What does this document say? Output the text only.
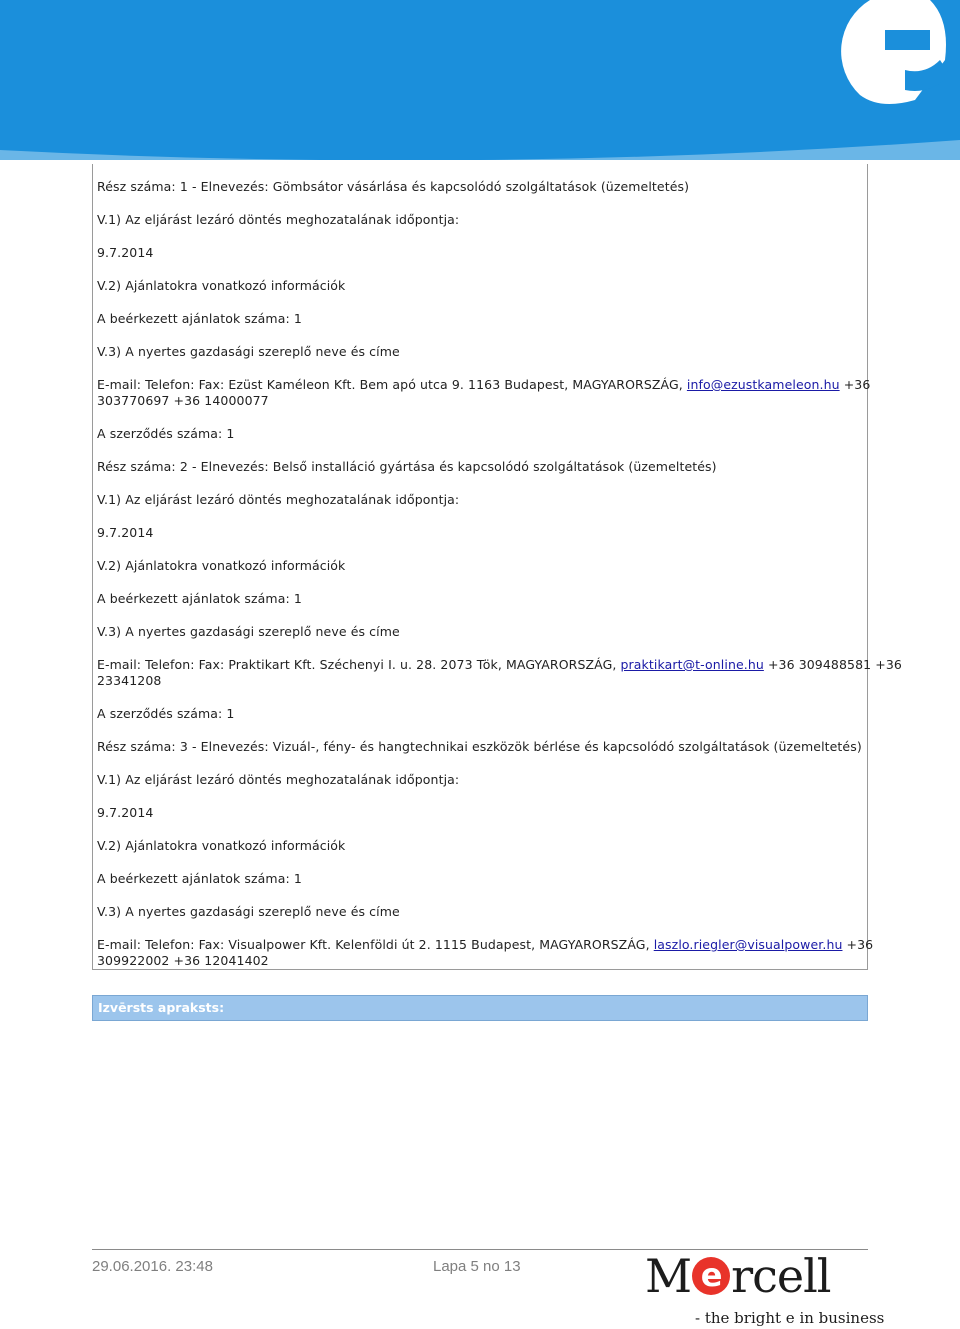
Rész száma: 1 - Elnevezés: Gömbsátor vásárlása és kapcsolódó szolgáltatások (üzemeltetés)
V.1) Az eljárást lezáró döntés meghozatalának időpontja:
9.7.2014
V.2) Ajánlatokra vonatkozó információk
A beérkezett ajánlatok száma: 1
V.3) A nyertes gazdasági szereplő neve és címe
E-mail: Telefon: Fax: Ezüst Kaméleon Kft. Bem apó utca 9. 1163 Budapest, MAGYARORSZÁG, info@ezustkameleon.hu +36
303770697 +36 14000077
A szerződés száma: 1
Rész száma: 2 - Elnevezés: Belső installáció gyártása és kapcsolódó szolgáltatások (üzemeltetés)
V.1) Az eljárást lezáró döntés meghozatalának időpontja:
9.7.2014
V.2) Ajánlatokra vonatkozó információk
A beérkezett ajánlatok száma: 1
V.3) A nyertes gazdasági szereplő neve és címe
E-mail: Telefon: Fax: Praktikart Kft. Széchenyi I. u. 28. 2073 Tök, MAGYARORSZÁG, praktikart@t-online.hu +36 309488581 +36
23341208
A szerződés száma: 1
Rész száma: 3 - Elnevezés: Vizuál-, fény- és hangtechnikai eszközök bérlése és kapcsolódó szolgáltatások (üzemeltetés)
V.1) Az eljárást lezáró döntés meghozatalának időpontja:
9.7.2014
V.2) Ajánlatokra vonatkozó információk
A beérkezett ajánlatok száma: 1
V.3) A nyertes gazdasági szereplő neve és címe
E-mail: Telefon: Fax: Visualpower Kft. Kelenföldi út 2. 1115 Budapest, MAGYARORSZÁG, laszlo.riegler@visualpower.hu +36
309922002 +36 12041402
Izvērsts apraksts:
29.06.2016. 23:48	Lapa 5 no 13	M e rcell
- the bright e in business
